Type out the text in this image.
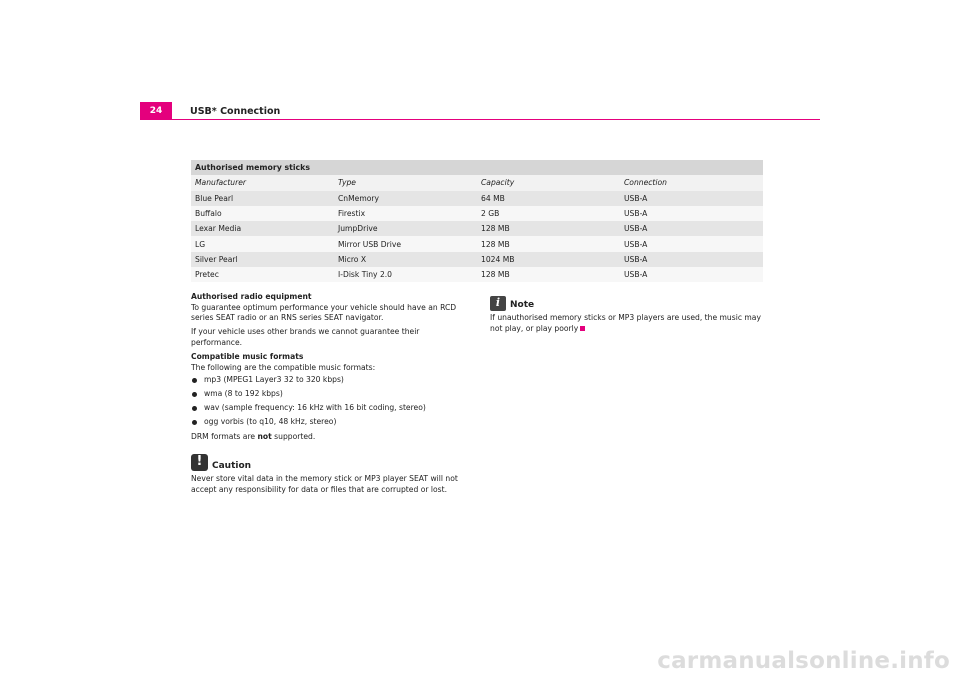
24	USB* Connection
Authorised memory sticks			
Manufacturer	Type	Capacity	Connection
Blue Pearl	CnMemory	64 MB	USB-A
Buffalo	Firestix	2 GB	USB-A
Lexar Media	JumpDrive	128 MB	USB-A
LG	Mirror USB Drive	128 MB	USB-A
Silver Pearl	Micro X	1024 MB	USB-A
Pretec	I-Disk Tiny 2.0	128 MB	USB-A
Authorised radio equipment

To guarantee optimum performance your vehicle should have an RCD series SEAT radio or an RNS series SEAT navigator.

If your vehicle uses other brands we cannot guarantee their performance.

Compatible music formats

The following are the compatible music formats:

mp3 (MPEG1 Layer3 32 to 320 kbps)
wma (8 to 192 kbps)
wav (sample frequency: 16 kHz with 16 bit coding, stereo)
ogg vorbis (to q10, 48 kHz, stereo)

DRM formats are not supported.

!	Caution

Never store vital data in the memory stick or MP3 player SEAT will not accept any responsibility for data or files that are corrupted or lost.

i	Note

If unauthorised memory sticks or MP3 players are used, the music may not play, or play poorly

carmanualsonline.info
